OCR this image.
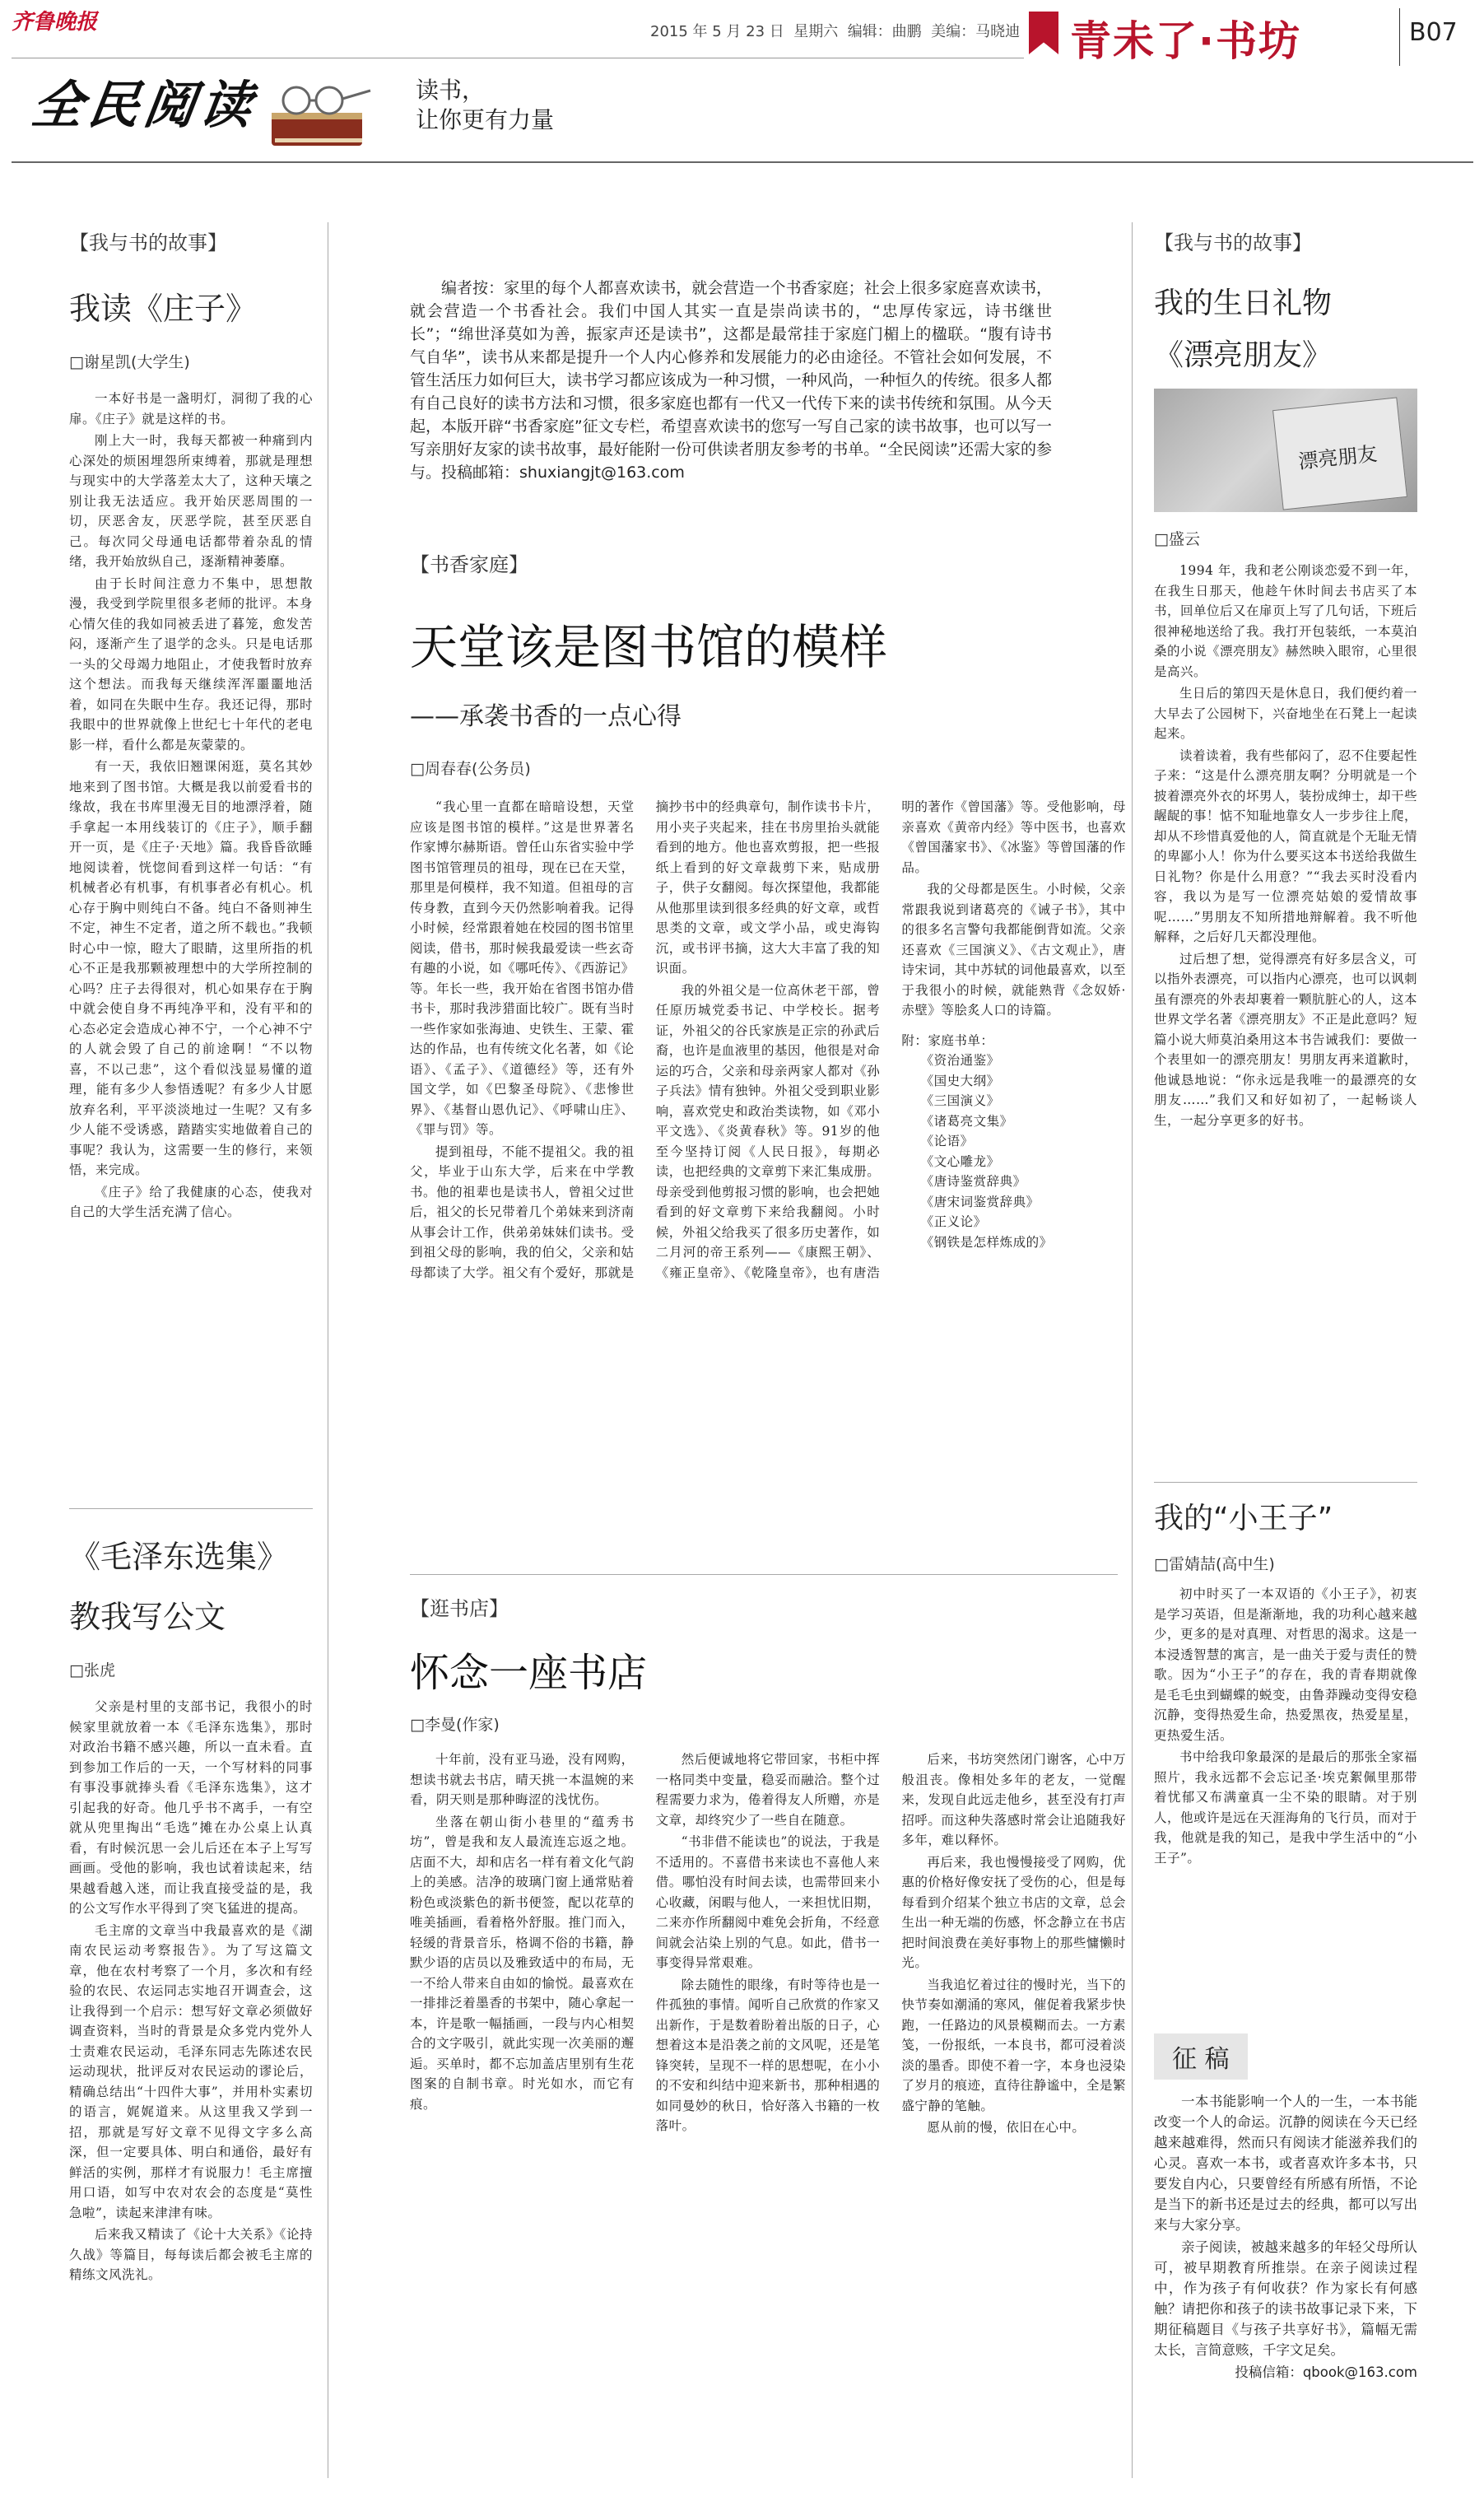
齐鲁晚报	2015 年 5 月 23 日 星期六 编辑：曲鹏 美编：马晓迪 青未了·书坊	B07
全民阅读	读书，
让你更有力量
【我与书的故事】
我读《庄子》
□谢星凯(大学生)

一本好书是一盏明灯，洞彻了我的心扉。《庄子》就是这样的书。

刚上大一时，我每天都被一种痛到内心深处的烦困埋怨所束缚着，那就是理想与现实中的大学落差太大了，这种天壤之别让我无法适应。我开始厌恶周围的一切，厌恶舍友，厌恶学院，甚至厌恶自己。每次同父母通电话都带着杂乱的情绪，我开始放纵自己，逐渐精神萎靡。

由于长时间注意力不集中，思想散漫，我受到学院里很多老师的批评。本身心情欠佳的我如同被丢进了暮笼，愈发苦闷，逐渐产生了退学的念头。只是电话那一头的父母竭力地阻止，才使我暂时放弃这个想法。而我每天继续浑浑噩噩地活着，如同在失眠中生存。我还记得，那时我眼中的世界就像上世纪七十年代的老电影一样，看什么都是灰蒙蒙的。

有一天，我依旧翘课闲逛，莫名其妙地来到了图书馆。大概是我以前爱看书的缘故，我在书库里漫无目的地漂浮着，随手拿起一本用线装订的《庄子》，顺手翻开一页，是《庄子·天地》篇。我昏昏欲睡地阅读着，恍惚间看到这样一句话：“有机械者必有机事，有机事者必有机心。机心存于胸中则纯白不备。纯白不备则神生不定，神生不定者，道之所不载也。”我顿时心中一惊，瞪大了眼睛，这里所指的机心不正是我那颗被理想中的大学所控制的心吗？庄子去得很对，机心如果存在于胸中就会使自身不再纯净平和，没有平和的心态必定会造成心神不宁，一个心神不宁的人就会毁了自己的前途啊！“不以物喜，不以己悲”，这个看似浅显易懂的道理，能有多少人参悟透呢？有多少人甘愿放弃名利，平平淡淡地过一生呢？又有多少人能不受诱惑，踏踏实实地做着自己的事呢？我认为，这需要一生的修行，来领悟，来完成。

《庄子》给了我健康的心态，使我对自己的大学生活充满了信心。

《毛泽东选集》
教我写公文
□张虎

父亲是村里的支部书记，我很小的时候家里就放着一本《毛泽东选集》，那时对政治书籍不感兴趣，所以一直未看。直到参加工作后的一天，一个写材料的同事有事没事就捧头看《毛泽东选集》，这才引起我的好奇。他几乎书不离手，一有空就从兜里掏出“毛选”摊在办公桌上认真看，有时候沉思一会儿后还在本子上写写画画。受他的影响，我也试着读起来，结果越看越入迷，而让我直接受益的是，我的公文写作水平得到了突飞猛进的提高。

毛主席的文章当中我最喜欢的是《湖南农民运动考察报告》。为了写这篇文章，他在农村考察了一个月，多次和有经验的农民、农运同志实地召开调查会，这让我得到一个启示：想写好文章必须做好调查资料，当时的背景是众多党内党外人士责难农民运动，毛泽东同志先陈述农民运动现状，批评反对农民运动的谬论后，精确总结出“十四件大事”，并用朴实素切的语言，娓娓道来。从这里我又学到一招，那就是写好文章不见得文字多么高深，但一定要具体、明白和通俗，最好有鲜活的实例，那样才有说服力！毛主席擅用口语，如写中农对农会的态度是“莫性急啦”，读起来津津有味。

后来我又精读了《论十大关系》《论持久战》等篇目，每每读后都会被毛主席的精练文风洗礼。

编者按：家里的每个人都喜欢读书，就会营造一个书香家庭；社会上很多家庭喜欢读书，就会营造一个书香社会。我们中国人其实一直是崇尚读书的，“忠厚传家远，诗书继世长”；“绵世泽莫如为善，振家声还是读书”，这都是最常挂于家庭门楣上的楹联。“腹有诗书气自华”，读书从来都是提升一个人内心修养和发展能力的必由途径。不管社会如何发展，不管生活压力如何巨大，读书学习都应该成为一种习惯，一种风尚，一种恒久的传统。很多人都有自己良好的读书方法和习惯，很多家庭也都有一代又一代传下来的读书传统和氛围。从今天起，本版开辟“书香家庭”征文专栏，希望喜欢读书的您写一写自己家的读书故事，也可以写一写亲朋好友家的读书故事，最好能附一份可供读者朋友参考的书单。“全民阅读”还需大家的参与。投稿邮箱：shuxiangjt@163.com
【书香家庭】
天堂该是图书馆的模样
——承袭书香的一点心得
□周春春(公务员)

“我心里一直都在暗暗设想，天堂应该是图书馆的模样。”这是世界著名作家博尔赫斯语。曾任山东省实验中学图书馆管理员的祖母，现在已在天堂，那里是何模样，我不知道。但祖母的言传身教，直到今天仍然影响着我。记得小时候，经常跟着她在校园的图书馆里阅读，借书，那时候我最爱读一些玄奇有趣的小说，如《哪吒传》、《西游记》等。年长一些，我开始在省图书馆办借书卡，那时我涉猎面比较广。既有当时一些作家如张海迪、史铁生、王蒙、霍达的作品，也有传统文化名著，如《论语》、《孟子》、《道德经》等，还有外国文学，如《巴黎圣母院》、《悲惨世界》、《基督山恩仇记》、《呼啸山庄》、《罪与罚》等。

提到祖母，不能不提祖父。我的祖父，毕业于山东大学，后来在中学教书。他的祖辈也是读书人，曾祖父过世后，祖父的长兄带着几个弟妹来到济南从事会计工作，供弟弟妹妹们读书。受到祖父母的影响，我的伯父，父亲和姑母都读了大学。祖父有个爱好，那就是摘抄书中的经典章句，制作读书卡片，用小夹子夹起来，挂在书房里抬头就能看到的地方。他也喜欢剪报，把一些报纸上看到的好文章裁剪下来，贴成册子，供子女翻阅。每次探望他，我都能从他那里读到很多经典的好文章，或哲思类的文章，或文学小品，或史海钩沉，或书评书摘，这大大丰富了我的知识面。

我的外祖父是一位高休老干部，曾任原历城党委书记、中学校长。据考证，外祖父的谷氏家族是正宗的孙武后裔，也许是血液里的基因，他很是对命运的巧合，父亲和母亲两家人都对《孙子兵法》情有独钟。外祖父受到职业影响，喜欢党史和政治类读物，如《邓小平文选》、《炎黄春秋》等。91岁的他至今坚持订阅《人民日报》，每期必读，也把经典的文章剪下来汇集成册。母亲受到他剪报习惯的影响，也会把她看到的好文章剪下来给我翻阅。小时候，外祖父给我买了很多历史著作，如二月河的帝王系列——《康熙王朝》、《雍正皇帝》、《乾隆皇帝》，也有唐浩明的著作《曾国藩》等。受他影响，母亲喜欢《黄帝内经》等中医书，也喜欢《曾国藩家书》、《冰鉴》等曾国藩的作品。

我的父母都是医生。小时候，父亲常跟我说到诸葛亮的《诫子书》，其中的很多名言警句我都能倒背如流。父亲还喜欢《三国演义》、《古文观止》，唐诗宋词，其中苏轼的词他最喜欢，以至于我很小的时候，就能熟背《念奴娇·赤壁》等脍炙人口的诗篇。

附：家庭书单：
《资治通鉴》
《国史大纲》
《三国演义》
《诸葛亮文集》
《论语》
《文心雕龙》
《唐诗鉴赏辞典》
《唐宋词鉴赏辞典》
《正义论》
《钢铁是怎样炼成的》
【逛书店】
怀念一座书店
□李曼(作家)

十年前，没有亚马逊，没有网购，想读书就去书店，晴天挑一本温婉的来看，阴天则是那种晦涩的浅忧伤。

坐落在朝山街小巷里的“蕴秀书坊”，曾是我和友人最流连忘返之地。店面不大，却和店名一样有着文化气韵上的美感。洁净的玻璃门窗上通常贴着粉色或淡紫色的新书便签，配以花草的唯美插画，看着格外舒服。推门而入，轻缓的背景音乐，格调不俗的书籍，静默少语的店员以及雅致适中的布局，无一不给人带来自由如的愉悦。最喜欢在一排排泛着墨香的书架中，随心拿起一本，许是歌一幅插画，一段与内心相契合的文字吸引，就此实现一次美丽的邂逅。买单时，都不忘加盖店里别有生花图案的自制书章。时光如水，而它有痕。

然后便诚地将它带回家，书柜中挥一格同类中变量，稳妥而融洽。整个过程需要力求为，倦着得友人所赠，亦是文章，却终究少了一些自在随意。

“书非借不能读也”的说法，于我是不适用的。不喜借书来读也不喜他人来借。哪怕没有时间去读，也需带回来小心收藏，闲暇与他人，一来担忧旧期，二来亦作所翻阅中难免会折角，不经意间就会沾染上别的气息。如此，借书一事变得异常艰难。

除去随性的眼缘，有时等待也是一件孤独的事情。闻听自己欣赏的作家又出新作，于是数着盼着出版的日子，心想着这本是沿袭之前的文风呢，还是笔锋突转，呈现不一样的思想呢，在小小的不安和纠结中迎来新书，那种相遇的如同曼妙的秋日，恰好落入书籍的一枚落叶。

后来，书坊突然闭门谢客，心中万般沮丧。像相处多年的老友，一觉醒来，发现自此远走他乡，甚至没有打声招呼。而这种失落感时常会让追随我好多年，难以释怀。

再后来，我也慢慢接受了网购，优惠的价格好像安抚了受伤的心，但是每每看到介绍某个独立书店的文章，总会生出一种无端的伤感，怀念静立在书店把时间浪费在美好事物上的那些慵懒时光。

当我追忆着过往的慢时光，当下的快节奏如潮涌的寒风，催促着我紧步快跑，一任路边的风景模糊而去。一方素笺，一份报纸，一本良书，都可浸着淡淡的墨香。即使不着一字，本身也浸染了岁月的痕迹，直待往静谧中，全是繁盛宁静的笔触。

愿从前的慢，依旧在心中。

【我与书的故事】
我的生日礼物
《漂亮朋友》
漂亮朋友
□盛云

1994 年，我和老公刚谈恋爱不到一年，在我生日那天，他趁午休时间去书店买了本书，回单位后又在扉页上写了几句话，下班后很神秘地送给了我。我打开包装纸，一本莫泊桑的小说《漂亮朋友》赫然映入眼帘，心里很是高兴。

生日后的第四天是休息日，我们便约着一大早去了公园树下，兴奋地坐在石凳上一起读起来。

读着读着，我有些郁闷了，忍不住要起性子来：“这是什么漂亮朋友啊？分明就是一个披着漂亮外衣的坏男人，装扮成绅士，却干些龌龊的事！惦不知耻地靠女人一步步往上爬，却从不珍惜真爱他的人，简直就是个无耻无情的卑鄙小人！你为什么要买这本书送给我做生日礼物？你是什么用意？”“我去买时没看内容，我以为是写一位漂亮姑娘的爱情故事呢……”男朋友不知所措地辩解着。我不听他解释，之后好几天都没理他。

过后想了想，觉得漂亮有好多层含义，可以指外表漂亮，可以指内心漂亮，也可以讽刺虽有漂亮的外表却裹着一颗肮脏心的人，这本世界文学名著《漂亮朋友》不正是此意吗？短篇小说大师莫泊桑用这本书告诫我们：要做一个表里如一的漂亮朋友！男朋友再来道歉时，他诚恳地说：“你永远是我唯一的最漂亮的女朋友……”我们又和好如初了，一起畅谈人生，一起分享更多的好书。

我的“小王子”
□雷婧喆(高中生)

初中时买了一本双语的《小王子》，初衷是学习英语，但是渐渐地，我的功利心越来越少，更多的是对真理、对哲思的渴求。这是一本浸透智慧的寓言，是一曲关于爱与责任的赞歌。因为“小王子”的存在，我的青春期就像是毛毛虫到蝴蝶的蜕变，由鲁莽躁动变得安稳沉静，变得热爱生命，热爱黑夜，热爱星星，更热爱生活。

书中给我印象最深的是最后的那张全家福照片，我永远都不会忘记圣·埃克絮佩里那带着忧郁又布满童真一尘不染的眼睛。对于别人，他或许是远在天涯海角的飞行员，而对于我，他就是我的知己，是我中学生活中的“小王子”。

征 稿

一本书能影响一个人的一生，一本书能改变一个人的命运。沉静的阅读在今天已经越来越难得，然而只有阅读才能滋养我们的心灵。喜欢一本书，或者喜欢许多本书，只要发自内心，只要曾经有所感有所悟，不论是当下的新书还是过去的经典，都可以写出来与大家分享。

亲子阅读，被越来越多的年轻父母所认可，被早期教育所推崇。在亲子阅读过程中，作为孩子有何收获？作为家长有何感触？请把你和孩子的读书故事记录下来，下期征稿题目《与孩子共享好书》，篇幅无需太长，言简意赅，千字文足矣。

投稿信箱：qbook@163.com
